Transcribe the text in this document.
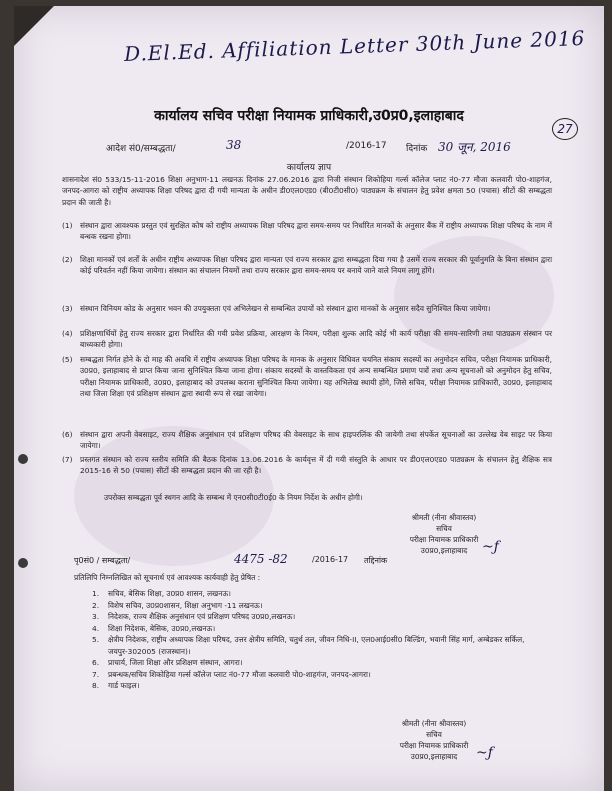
D.El.Ed. Affiliation Letter 30th June 2016
27
कार्यालय सचिव परीक्षा नियामक प्राधिकारी,उ0प्र0,इलाहाबाद
आदेश सं0/सम्बद्धता/	38	/2016-17 दिनांक 30 जून, 2016
कार्यालय ज्ञाप
शासनादेश सं0 533/15-11-2016 शिक्षा अनुभाग-11 लखनऊ दिनांक 27.06.2016 द्वारा निजी संस्थान शिकोहिया गर्ल्स कॉलेज प्लाट नं0-77 मौजा कलवारी पो0-शाहगंज, जनपद-आगरा को राष्ट्रीय अध्यापक शिक्षा परिषद द्वारा दी गयी मान्यता के अधीन डी0एल0एड0 (बी0टी0सी0) पाठ्यक्रम के संचालन हेतु प्रवेश क्षमता 50 (पचास) सीटों की सम्बद्धता प्रदान की जाती है।
(1) संस्थान द्वारा आवश्यक प्रस्तुत एवं सुरक्षित कोष को राष्ट्रीय अध्यापक शिक्षा परिषद द्वारा समय-समय पर निर्धारित मानकों के अनुसार बैंक में राष्ट्रीय अध्यापक शिक्षा परिषद के नाम में बन्धक रखना होगा।
(2) शिक्षा मानकों एवं शर्तों के अधीन राष्ट्रीय अध्यापक शिक्षा परिषद द्वारा मान्यता एवं राज्य सरकार द्वारा सम्बद्धता दिया गया है उसमें राज्य सरकार की पूर्वानुमति के बिना संस्थान द्वारा कोई परिवर्तन नहीं किया जायेगा। संस्थान का संचालन नियमों तथा राज्य सरकार द्वारा समय-समय पर बनाये जाने वाले नियम लागू होंगे।
(3) संस्थान विनियम कोड के अनुसार भवन की उपयुक्तता एवं अभिलेखन से सम्बन्धित उपायों को संस्थान द्वारा मानकों के अनुसार सदैव सुनिश्चित किया जायेगा।
(4) प्रशिक्षणार्थियों हेतु राज्य सरकार द्वारा निर्धारित की गयी प्रवेश प्रक्रिया, आरक्षण के नियम, परीक्षा शुल्क आदि कोई भी कार्य परीक्षा की समय-सारिणी तथा पाठ्यक्रम संस्थान पर बाध्यकारी होगा।
(5) सम्बद्धता निर्गत होने के दो माह की अवधि में राष्ट्रीय अध्यापक शिक्षा परिषद के मानक के अनुसार विधिवत चयनित संकाय सदस्यों का अनुमोदन सचिव, परीक्षा नियामक प्राधिकारी, उ0प्र0, इलाहाबाद से प्राप्त किया जाना सुनिश्चित किया जाना होगा। संकाय सदस्यों के वास्तविकता एवं अन्य सम्बन्धित प्रमाण पत्रों तथा अन्य सूचनाओं को अनुमोदन हेतु सचिव, परीक्षा नियामक प्राधिकारी, उ0प्र0, इलाहाबाद को उपलब्ध कराना सुनिश्चित किया जायेगा। यह अभिलेख स्थायी होंगे, जिसे सचिव, परीक्षा नियामक प्राधिकारी, उ0प्र0, इलाहाबाद तथा जिला शिक्षा एवं प्रशिक्षण संस्थान द्वारा स्थायी रूप से रखा जायेगा।
(6) संस्थान द्वारा अपनी वेबसाइट, राज्य शैक्षिक अनुसंधान एवं प्रशिक्षण परिषद की वेबसाइट के साथ हाइपरलिंक की जायेगी तथा संपर्केत सूचनाओं का उल्लेख वेब साइट पर किया जायेगा।
(7) प्रस्तगत संस्थान को राज्य स्तरीय समिति की बैठक दिनांक 13.06.2016 के कार्यवृत्त में दी गयी संस्तुति के आधार पर डी0एल0एड0 पाठ्यक्रम के संचालन हेतु शैक्षिक सत्र 2015-16 से 50 (पचास) सीटों की सम्बद्धता प्रदान की जा रही है।
उपरोक्त सम्बद्धता पूर्व स्थगन आदि के सम्बन्ध में एन0सी0टी0ई0 के नियम निर्देश के अधीन होगी।
श्रीमती (नीना श्रीवास्तव)
सचिव
परीक्षा नियामक प्राधिकारी
उ0प्र0,इलाहाबाद	~ƒ
पृ0सं0 / सम्बद्धता/	4475 -82	/2016-17 तद्दिनांक
प्रतिलिपि निम्नलिखित को सूचनार्थ एवं आवश्यक कार्यवाही हेतु प्रेषित :
1. सचिव, बेसिक शिक्षा, उ0प्र0 शासन, लखनऊ।
2. विशेष सचिव, उ0प्र0शासन, शिक्षा अनुभाग -11 लखनऊ।
3. निदेशक, राज्य शैक्षिक अनुसंधान एवं प्रशिक्षण परिषद उ0प्र0,लखनऊ।
4. शिक्षा निदेशक, बेसिक, उ0प्र0,लखनऊ।
5. क्षेत्रीय निदेशक, राष्ट्रीय अध्यापक शिक्षा परिषद, उत्तर क्षेत्रीय समिति, चतुर्थ तल, जीवन निधि-II, एल0आई0सी0 बिल्डिंग, भवानी सिंह मार्ग, अम्बेडकर सर्किल, जयपुर-302005 (राजस्थान)।
6. प्राचार्य, जिला शिक्षा और प्रशिक्षण संस्थान, आगरा।
7. प्रबन्धक/सचिव शिकोहिया गर्ल्स कॉलेज प्लाट नं0-77 मौजा कलवारी पो0-शाहगंज, जनपद-आगरा।
8. गार्ड फाइल।
श्रीमती (नीना श्रीवास्तव)
सचिव
परीक्षा नियामक प्राधिकारी
उ0प्र0,इलाहाबाद	~ƒ
